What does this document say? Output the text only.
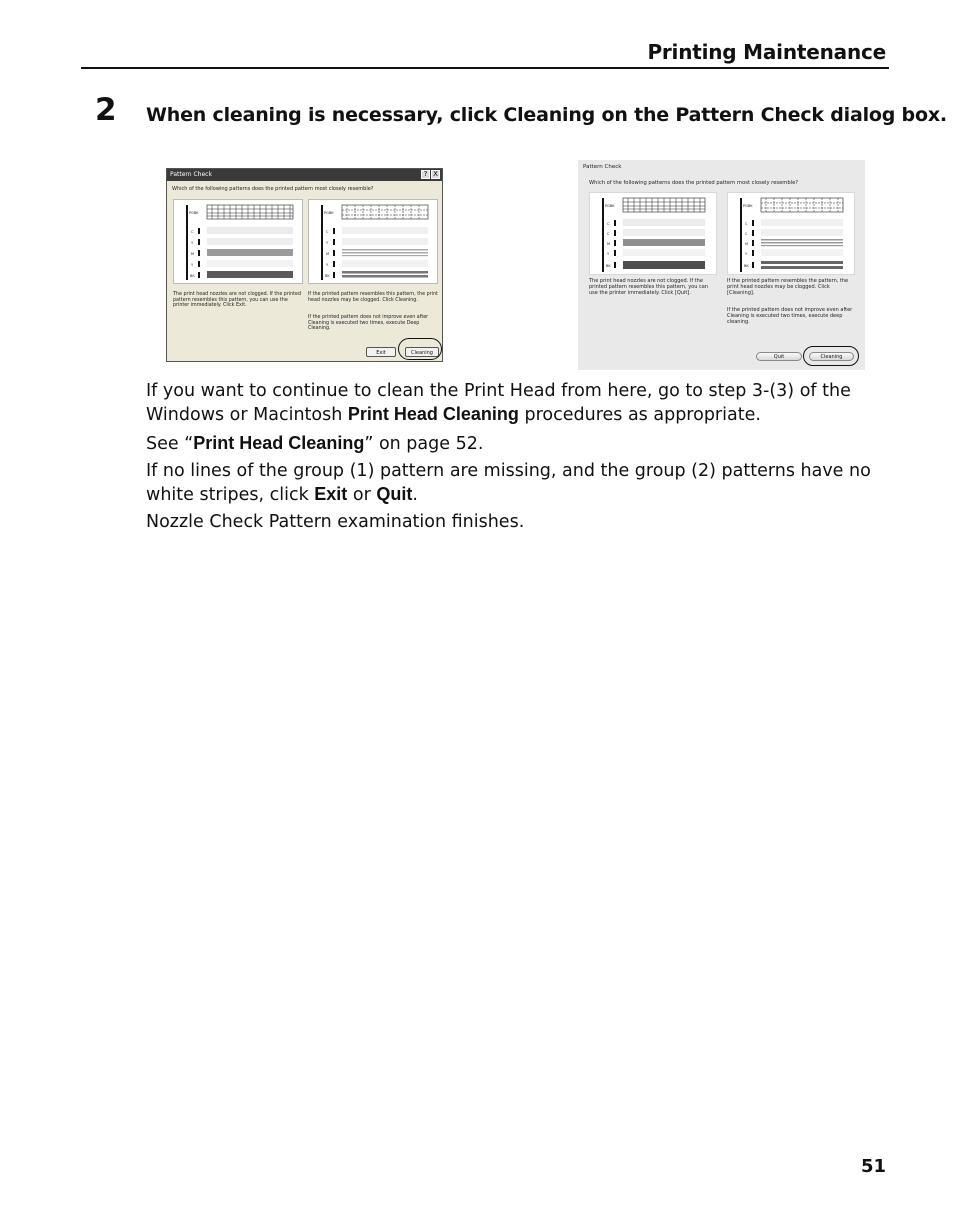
Printing Maintenance
2 When cleaning is necessary, click Cleaning on the Pattern Check dialog box.
Pattern Check	? X
Which of the following patterns does the printed pattern most closely resemble?
PGBK
C
Y
M
Y
BK
PGBK
C
Y
M
Y
BK
The print head nozzles are not clogged. If the printed pattern resembles this pattern, you can use the printer immediately. Click Exit.
If the printed pattern resembles this pattern, the print head nozzles may be clogged. Click Cleaning.
If the printed pattern does not improve even after Cleaning is executed two times, execute Deep Cleaning.
Exit	Cleaning
Pattern Check
Which of the following patterns does the printed pattern most closely resemble?
PGBK
C
C
M
Y
BK
PGBK
C
C
M
Y
BK
The print head nozzles are not clogged. If the printed pattern resembles this pattern, you can use the printer immediately. Click [Quit].
If the printed pattern resembles the pattern, the print head nozzles may be clogged. Click [Cleaning].
If the printed pattern does not improve even after Cleaning is executed two times, execute deep cleaning.
Quit	Cleaning
If you want to continue to clean the Print Head from here, go to step 3-(3) of the Windows or Macintosh Print Head Cleaning procedures as appropriate.
See “Print Head Cleaning” on page 52.
If no lines of the group (1) pattern are missing, and the group (2) patterns have no white stripes, click Exit or Quit.
Nozzle Check Pattern examination finishes.
51
